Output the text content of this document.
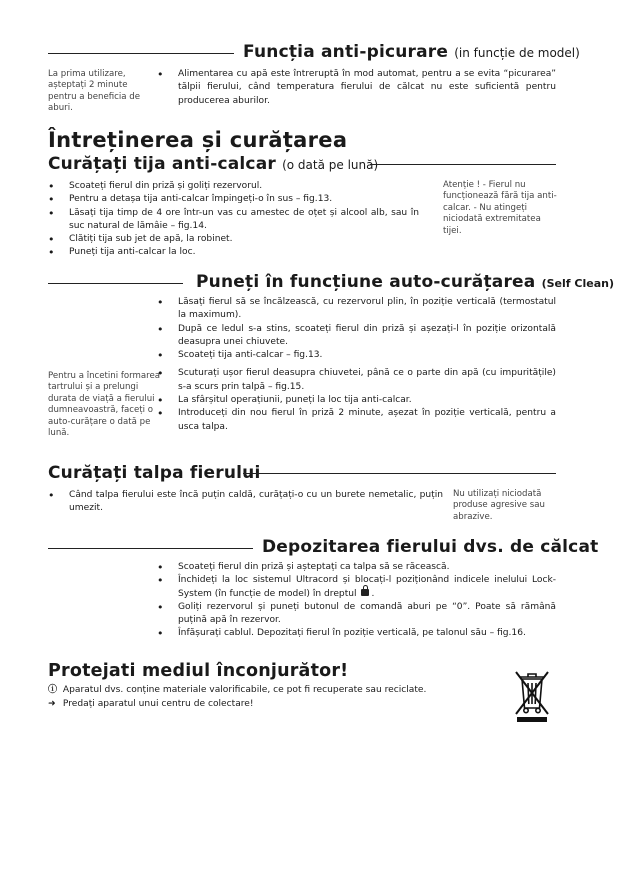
Funcția anti-picurare (in funcție de model)
La prima utilizare, așteptați 2 minute pentru a beneficia de aburi.
• Alimentarea cu apă este întreruptă în mod automat, pentru a se evita “picurarea” tălpii fierului, când temperatura fierului de călcat nu este suficientă pentru producerea aburilor.
Întreținerea și curățarea
Curățați tija anti-calcar (o dată pe lună)
• Scoateți fierul din priză și goliți rezervorul.
• Pentru a detașa tija anti-calcar împingeți-o în sus – fig.13.
• Lăsați tija timp de 4 ore într-un vas cu amestec de oțet și alcool alb, sau în suc natural de lămâie – fig.14.
• Clătiți tija sub jet de apă, la robinet.
• Puneți tija anti-calcar la loc.
Atenție ! - Fierul nu funcționează fără tija anti-calcar. - Nu atingeți niciodată extremitatea tijei.
Puneți în funcțiune auto-curățarea (Self Clean)
• Lăsați fierul să se încălzească, cu rezervorul plin, în poziție verticală (termostatul la maximum).
• După ce ledul s-a stins, scoateți fierul din priză și așezați-l în poziție orizontală deasupra unei chiuvete.
• Scoateți tija anti-calcar – fig.13.
• Scuturați ușor fierul deasupra chiuvetei, până ce o parte din apă (cu impuritățile) s-a scurs prin talpă – fig.15.
• La sfârșitul operațiunii, puneți la loc tija anti-calcar.
• Introduceți din nou fierul în priză 2 minute, așezat în poziție verticală, pentru a usca talpa.
Pentru a încetini formarea tartrului și a prelungi durata de viață a fierului dumneavoastră, faceți o auto-curățare o dată pe lună.
Curățați talpa fierului
• Când talpa fierului este încă puțin caldă, curățați-o cu un burete nemetalic, puțin umezit.
Nu utilizați niciodată produse agresive sau abrazive.
Depozitarea fierului dvs. de călcat
• Scoateți fierul din priză și așteptați ca talpa să se răcească.
• Închideți la loc sistemul Ultracord și blocați-l poziționând indicele inelului Lock-System (în funcție de model) în dreptul .
• Goliți rezervorul și puneți butonul de comandă aburi pe “0”. Poate să rămână puțină apă în rezervor.
• Înfășurați cablul. Depozitați fierul în poziție verticală, pe talonul său – fig.16.
Protejati mediul înconjurător!
ⓘ Aparatul dvs. conține materiale valorificabile, ce pot fi recuperate sau reciclate.
➜ Predați aparatul unui centru de colectare!
